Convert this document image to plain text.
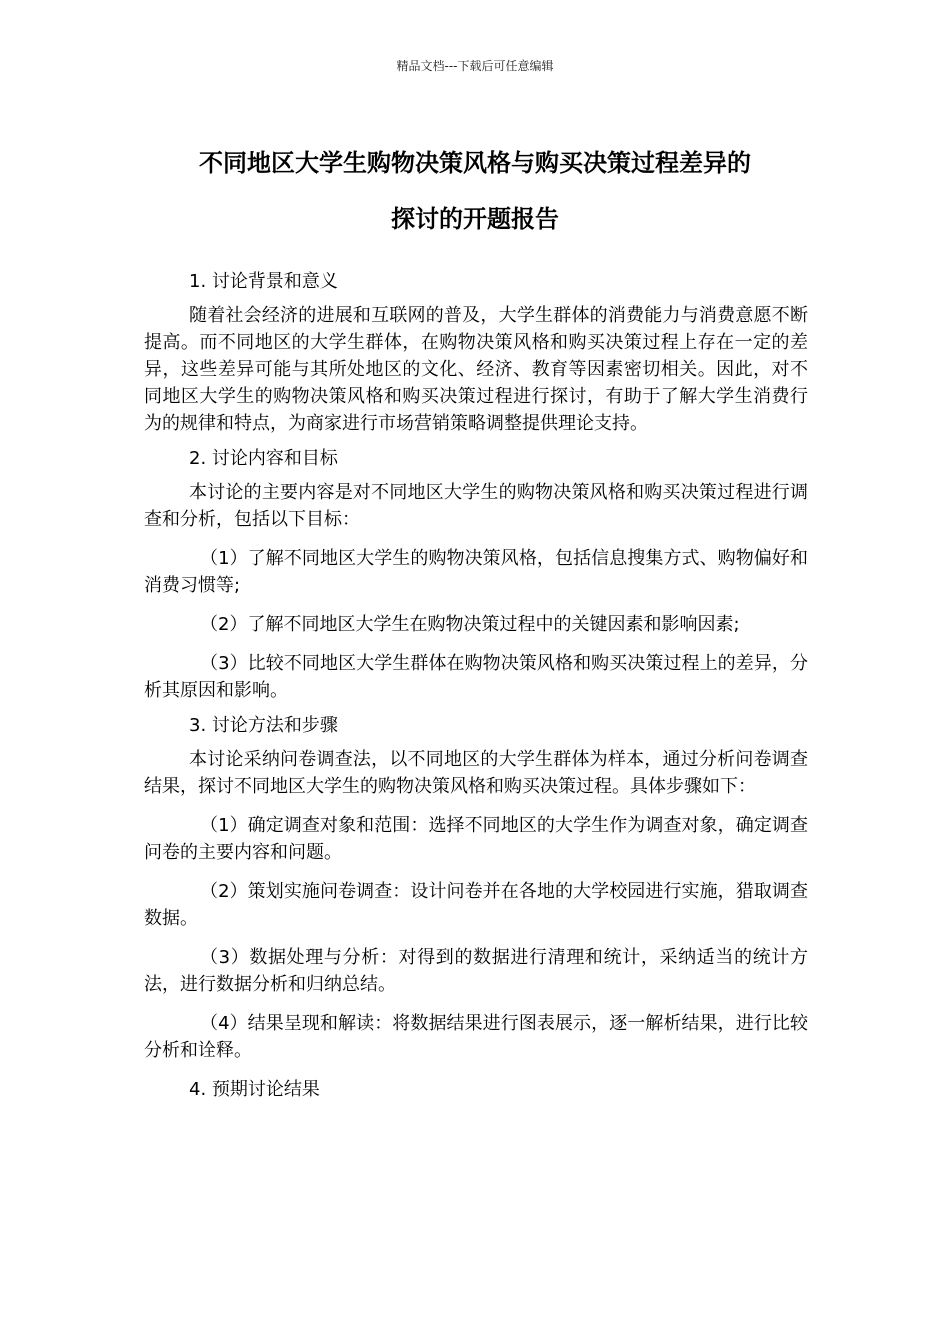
精品文档---下载后可任意编辑
不同地区大学生购物决策风格与购买决策过程差异的
探讨的开题报告
1. 讨论背景和意义

随着社会经济的进展和互联网的普及，大学生群体的消费能力与消费意愿不断提高。而不同地区的大学生群体，在购物决策风格和购买决策过程上存在一定的差异，这些差异可能与其所处地区的文化、经济、教育等因素密切相关。因此，对不同地区大学生的购物决策风格和购买决策过程进行探讨，有助于了解大学生消费行为的规律和特点，为商家进行市场营销策略调整提供理论支持。

2. 讨论内容和目标

本讨论的主要内容是对不同地区大学生的购物决策风格和购买决策过程进行调查和分析，包括以下目标：

（1）了解不同地区大学生的购物决策风格，包括信息搜集方式、购物偏好和消费习惯等;

（2）了解不同地区大学生在购物决策过程中的关键因素和影响因素;

（3）比较不同地区大学生群体在购物决策风格和购买决策过程上的差异，分析其原因和影响。

3. 讨论方法和步骤

本讨论采纳问卷调查法，以不同地区的大学生群体为样本，通过分析问卷调查结果，探讨不同地区大学生的购物决策风格和购买决策过程。具体步骤如下：

（1）确定调查对象和范围：选择不同地区的大学生作为调查对象，确定调查问卷的主要内容和问题。

（2）策划实施问卷调查：设计问卷并在各地的大学校园进行实施，猎取调查数据。

（3）数据处理与分析：对得到的数据进行清理和统计，采纳适当的统计方法，进行数据分析和归纳总结。

（4）结果呈现和解读：将数据结果进行图表展示，逐一解析结果，进行比较分析和诠释。

4. 预期讨论结果
